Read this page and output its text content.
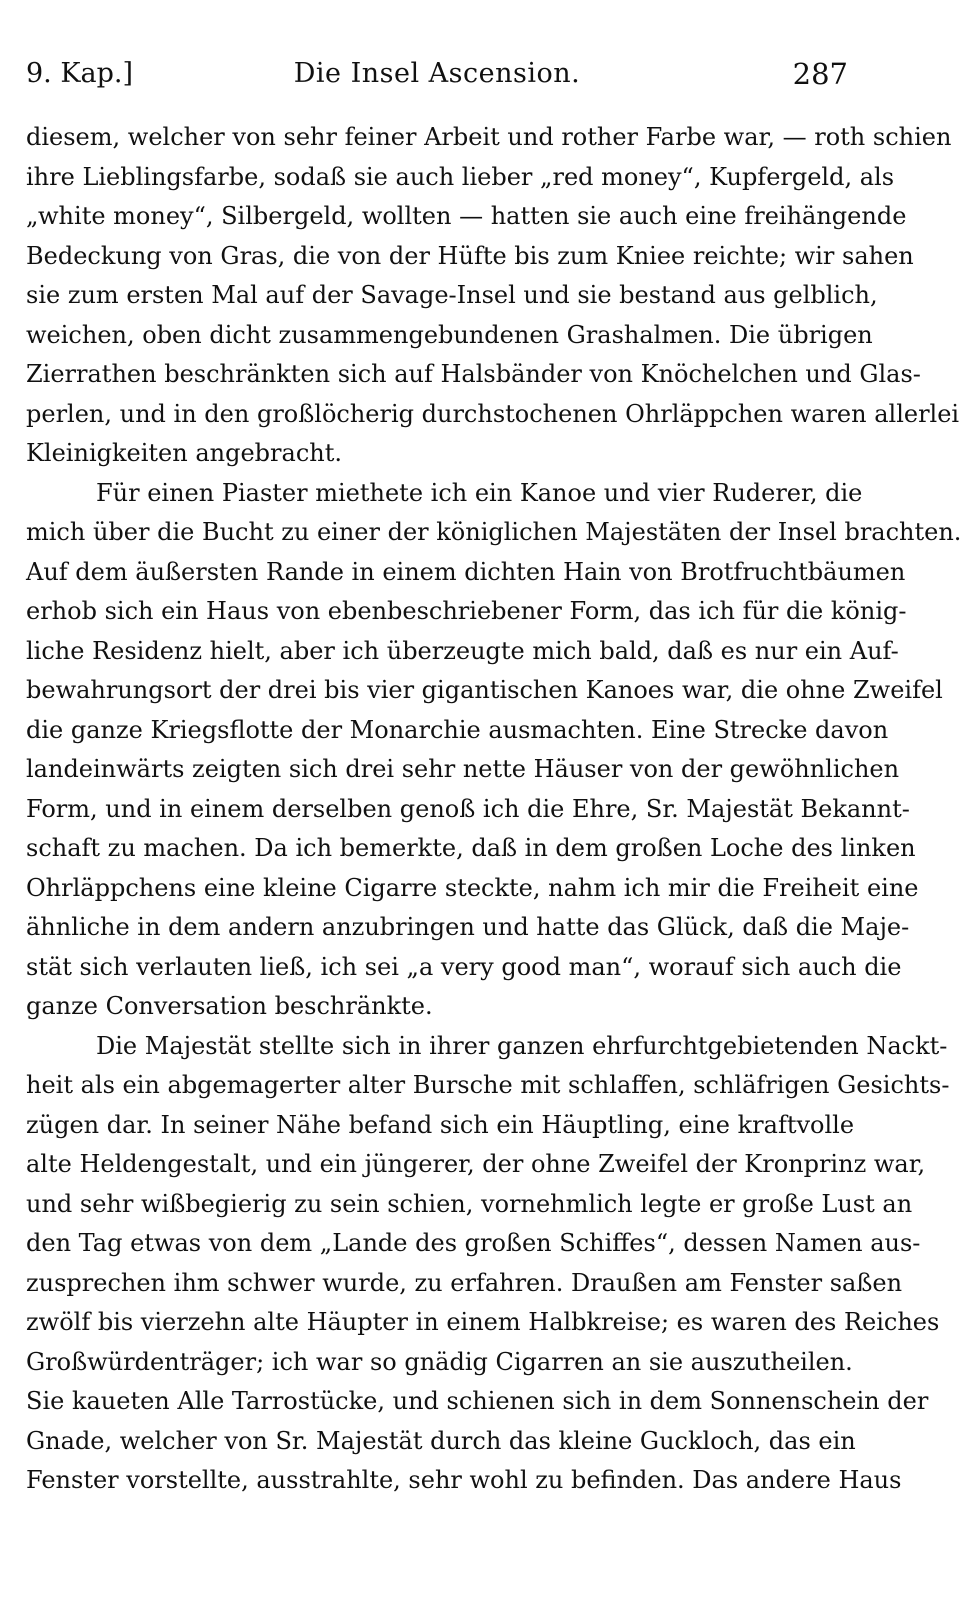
9. Kap.]	Die Insel Ascension.	287
diesem, welcher von sehr feiner Arbeit und rother Farbe war, — roth schien
ihre Lieblingsfarbe, sodaß sie auch lieber „red money“, Kupfergeld, als
„white money“, Silbergeld, wollten — hatten sie auch eine freihängende
Bedeckung von Gras, die von der Hüfte bis zum Kniee reichte; wir sahen
sie zum ersten Mal auf der Savage-Insel und sie bestand aus gelblich,
weichen, oben dicht zusammengebundenen Grashalmen. Die übrigen
Zierrathen beschränkten sich auf Halsbänder von Knöchelchen und Glas-
perlen, und in den großlöcherig durchstochenen Ohrläppchen waren allerlei
Kleinigkeiten angebracht.
Für einen Piaster miethete ich ein Kanoe und vier Ruderer, die
mich über die Bucht zu einer der königlichen Majestäten der Insel brachten.
Auf dem äußersten Rande in einem dichten Hain von Brotfruchtbäumen
erhob sich ein Haus von ebenbeschriebener Form, das ich für die könig-
liche Residenz hielt, aber ich überzeugte mich bald, daß es nur ein Auf-
bewahrungsort der drei bis vier gigantischen Kanoes war, die ohne Zweifel
die ganze Kriegsflotte der Monarchie ausmachten. Eine Strecke davon
landeinwärts zeigten sich drei sehr nette Häuser von der gewöhnlichen
Form, und in einem derselben genoß ich die Ehre, Sr. Majestät Bekannt-
schaft zu machen. Da ich bemerkte, daß in dem großen Loche des linken
Ohrläppchens eine kleine Cigarre steckte, nahm ich mir die Freiheit eine
ähnliche in dem andern anzubringen und hatte das Glück, daß die Maje-
stät sich verlauten ließ, ich sei „a very good man“, worauf sich auch die
ganze Conversation beschränkte.
Die Majestät stellte sich in ihrer ganzen ehrfurchtgebietenden Nackt-
heit als ein abgemagerter alter Bursche mit schlaffen, schläfrigen Gesichts-
zügen dar. In seiner Nähe befand sich ein Häuptling, eine kraftvolle
alte Heldengestalt, und ein jüngerer, der ohne Zweifel der Kronprinz war,
und sehr wißbegierig zu sein schien, vornehmlich legte er große Lust an
den Tag etwas von dem „Lande des großen Schiffes“, dessen Namen aus-
zusprechen ihm schwer wurde, zu erfahren. Draußen am Fenster saßen
zwölf bis vierzehn alte Häupter in einem Halbkreise; es waren des Reiches
Großwürdenträger; ich war so gnädig Cigarren an sie auszutheilen.
Sie kaueten Alle Tarrostücke, und schienen sich in dem Sonnenschein der
Gnade, welcher von Sr. Majestät durch das kleine Guckloch, das ein
Fenster vorstellte, ausstrahlte, sehr wohl zu befinden. Das andere Haus
